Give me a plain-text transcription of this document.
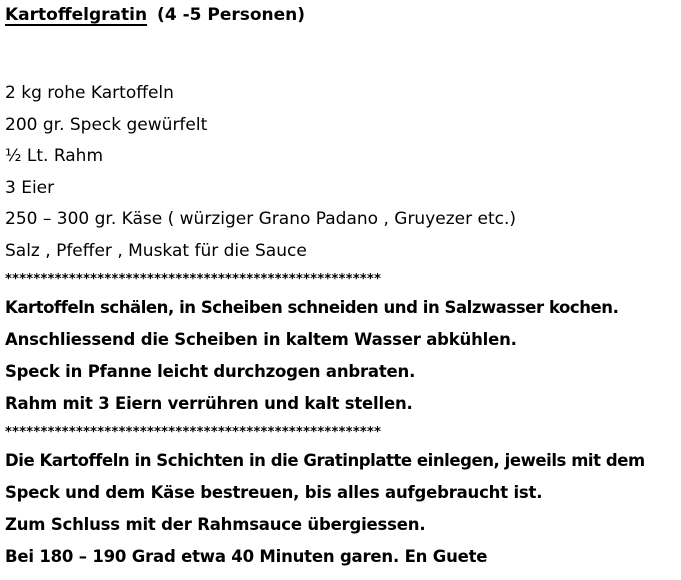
Kartoffelgratin (4 -5 Personen)
2 kg rohe Kartoffeln
200 gr. Speck gewürfelt
½ Lt. Rahm
3 Eier
250 – 300 gr. Käse ( würziger Grano Padano , Gruyezer etc.)
Salz , Pfeffer , Muskat für die Sauce
*****************************************************
Kartoffeln schälen, in Scheiben schneiden und in Salzwasser kochen.
Anschliessend die Scheiben in kaltem Wasser abkühlen.
Speck in Pfanne leicht durchzogen anbraten.
Rahm mit 3 Eiern verrühren und kalt stellen.
*****************************************************
Die Kartoffeln in Schichten in die Gratinplatte einlegen, jeweils mit dem
Speck und dem Käse bestreuen, bis alles aufgebraucht ist.
Zum Schluss mit der Rahmsauce übergiessen.
Bei 180 – 190 Grad etwa 40 Minuten garen. En Guete
